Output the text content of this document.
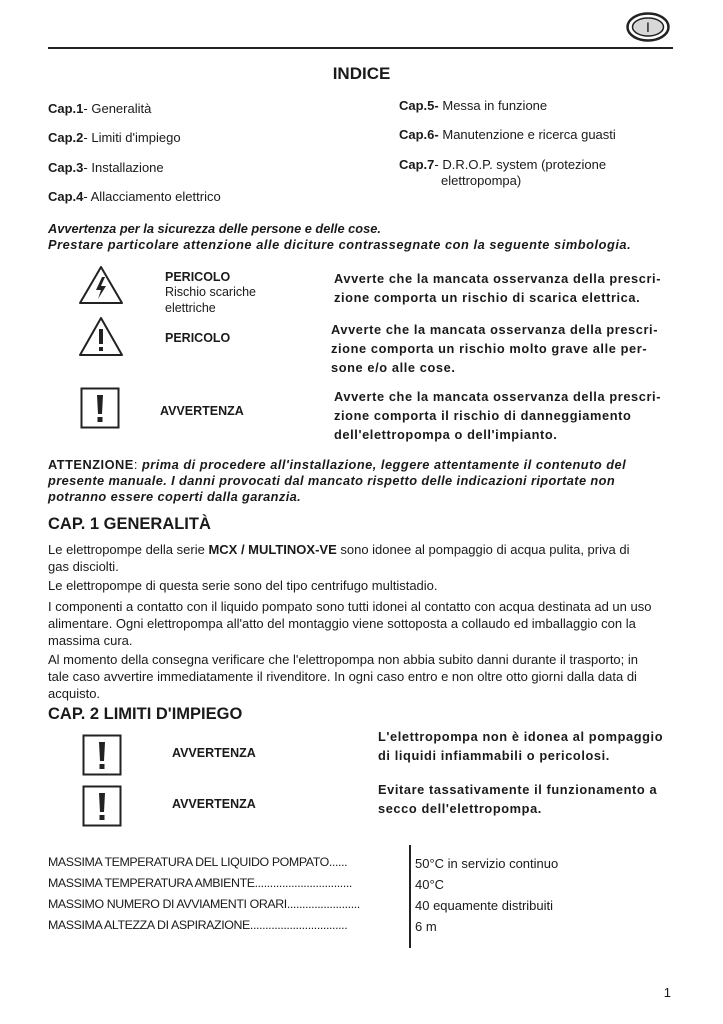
I
INDICE
Cap.1- Generalità
Cap.2- Limiti d'impiego
Cap.3- Installazione
Cap.4- Allacciamento elettrico
Cap.5- Messa in funzione
Cap.6- Manutenzione e ricerca guasti
Cap.7- D.R.O.P. system (protezione
elettropompa)
Avvertenza per la sicurezza delle persone e delle cose.
Prestare particolare attenzione alle diciture contrassegnate con la seguente simbologia.
PERICOLO
Rischio scariche
elettriche
Avverte che la mancata osservanza della prescri-
zione comporta un rischio di scarica elettrica.
PERICOLO
Avverte che la mancata osservanza della prescri-
zione comporta un rischio molto grave alle per-
sone e/o alle cose.
AVVERTENZA
Avverte che la mancata osservanza della prescri-
zione comporta il rischio di danneggiamento
dell'elettropompa o dell'impianto.
ATTENZIONE: prima di procedere all'installazione, leggere attentamente il contenuto del
presente manuale. I danni provocati dal mancato rispetto delle indicazioni riportate non
potranno essere coperti dalla garanzia.
CAP. 1 GENERALITÀ
Le elettropompe della serie MCX / MULTINOX-VE sono idonee al pompaggio di acqua pulita, priva di
gas disciolti.
Le elettropompe di questa serie sono del tipo centrifugo multistadio.
I componenti a contatto con il liquido pompato sono tutti idonei al contatto con acqua destinata ad un uso
alimentare. Ogni elettropompa all'atto del montaggio viene sottoposta a collaudo ed imballaggio con la
massima cura.
Al momento della consegna verificare che l'elettropompa non abbia subito danni durante il trasporto; in
tale caso avvertire immediatamente il rivenditore. In ogni caso entro e non oltre otto giorni dalla data di
acquisto.
CAP. 2 LIMITI D'IMPIEGO
AVVERTENZA
L'elettropompa non è idonea al pompaggio
di liquidi infiammabili o pericolosi.
AVVERTENZA
Evitare tassativamente il funzionamento a
secco dell'elettropompa.
MASSIMA TEMPERATURA DEL LIQUIDO POMPATO......
MASSIMA TEMPERATURA AMBIENTE................................
MASSIMO NUMERO DI AVVIAMENTI ORARI........................
MASSIMA ALTEZZA DI ASPIRAZIONE................................
50°C in servizio continuo
40°C
40 equamente distribuiti
6 m
1
